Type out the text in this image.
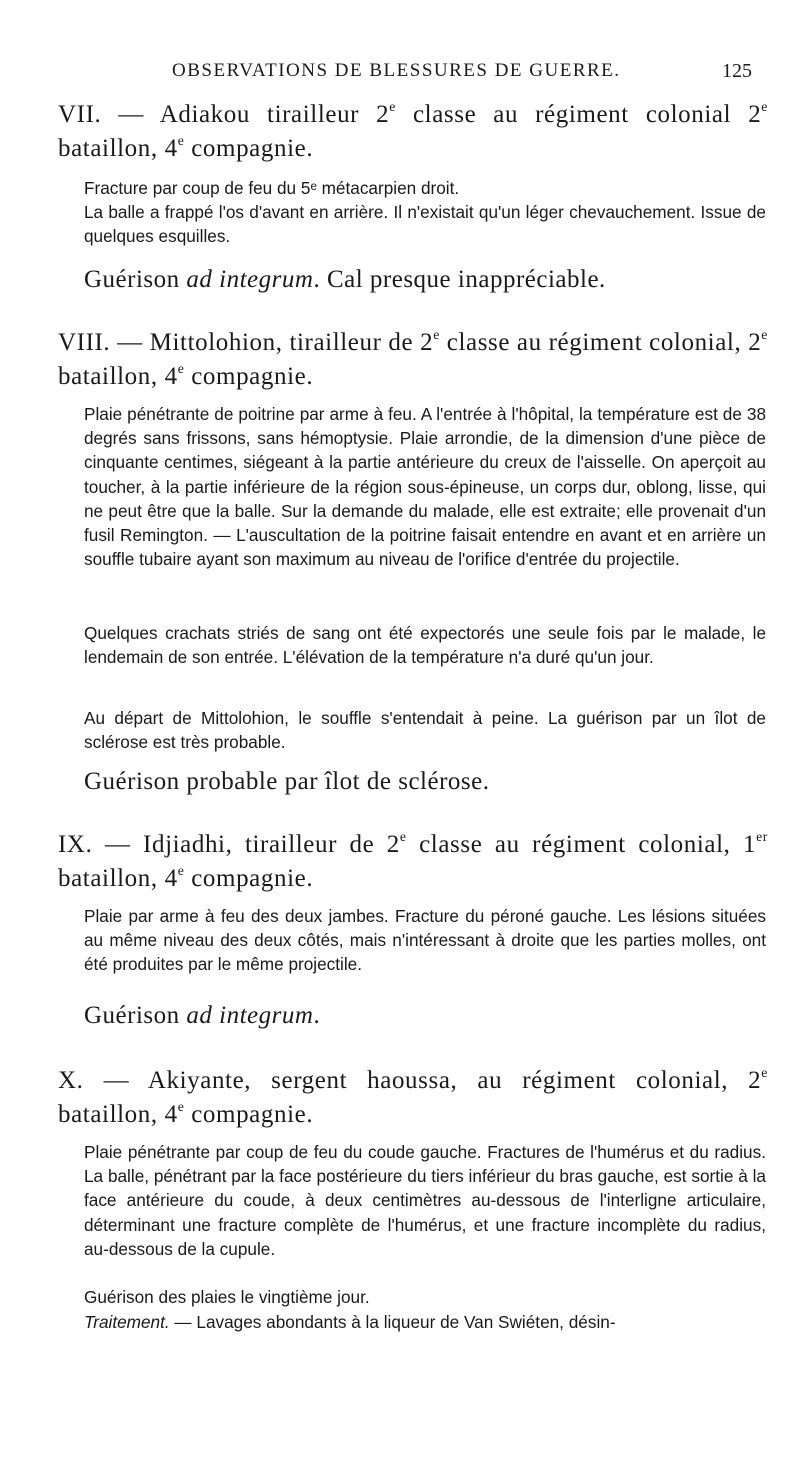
OBSERVATIONS DE BLESSURES DE GUERRE.	125
VII. — Adiakou tirailleur 2e classe au régiment colonial 2e bataillon, 4e compagnie.
Fracture par coup de feu du 5ᵉ métacarpien droit.
La balle a frappé l'os d'avant en arrière. Il n'existait qu'un léger chevauchement. Issue de quelques esquilles.
Guérison ad integrum. Cal presque inappréciable.
VIII. — Mittolohion, tirailleur de 2e classe au régiment colonial, 2e bataillon, 4e compagnie.
Plaie pénétrante de poitrine par arme à feu. A l'entrée à l'hôpital, la température est de 38 degrés sans frissons, sans hémoptysie. Plaie arrondie, de la dimension d'une pièce de cinquante centimes, siégeant à la partie antérieure du creux de l'aisselle. On aperçoit au toucher, à la partie inférieure de la région sous-épineuse, un corps dur, oblong, lisse, qui ne peut être que la balle. Sur la demande du malade, elle est extraite; elle provenait d'un fusil Remington. — L'auscultation de la poitrine faisait entendre en avant et en arrière un souffle tubaire ayant son maximum au niveau de l'orifice d'entrée du projectile.
Quelques crachats striés de sang ont été expectorés une seule fois par le malade, le lendemain de son entrée. L'élévation de la température n'a duré qu'un jour.
Au départ de Mittolohion, le souffle s'entendait à peine. La guérison par un îlot de sclérose est très probable.
Guérison probable par îlot de sclérose.
IX. — Idjiadhi, tirailleur de 2e classe au régiment colonial, 1er bataillon, 4e compagnie.
Plaie par arme à feu des deux jambes. Fracture du péroné gauche. Les lésions situées au même niveau des deux côtés, mais n'intéressant à droite que les parties molles, ont été produites par le même projectile.
Guérison ad integrum.
X. — Akiyante, sergent haoussa, au régiment colonial, 2e bataillon, 4e compagnie.
Plaie pénétrante par coup de feu du coude gauche. Fractures de l'humérus et du radius. La balle, pénétrant par la face postérieure du tiers inférieur du bras gauche, est sortie à la face antérieure du coude, à deux centimètres au-dessous de l'interligne articulaire, déterminant une fracture complète de l'humérus, et une fracture incomplète du radius, au-dessous de la cupule.
Guérison des plaies le vingtième jour.
Traitement. — Lavages abondants à la liqueur de Van Swiéten, désin-
